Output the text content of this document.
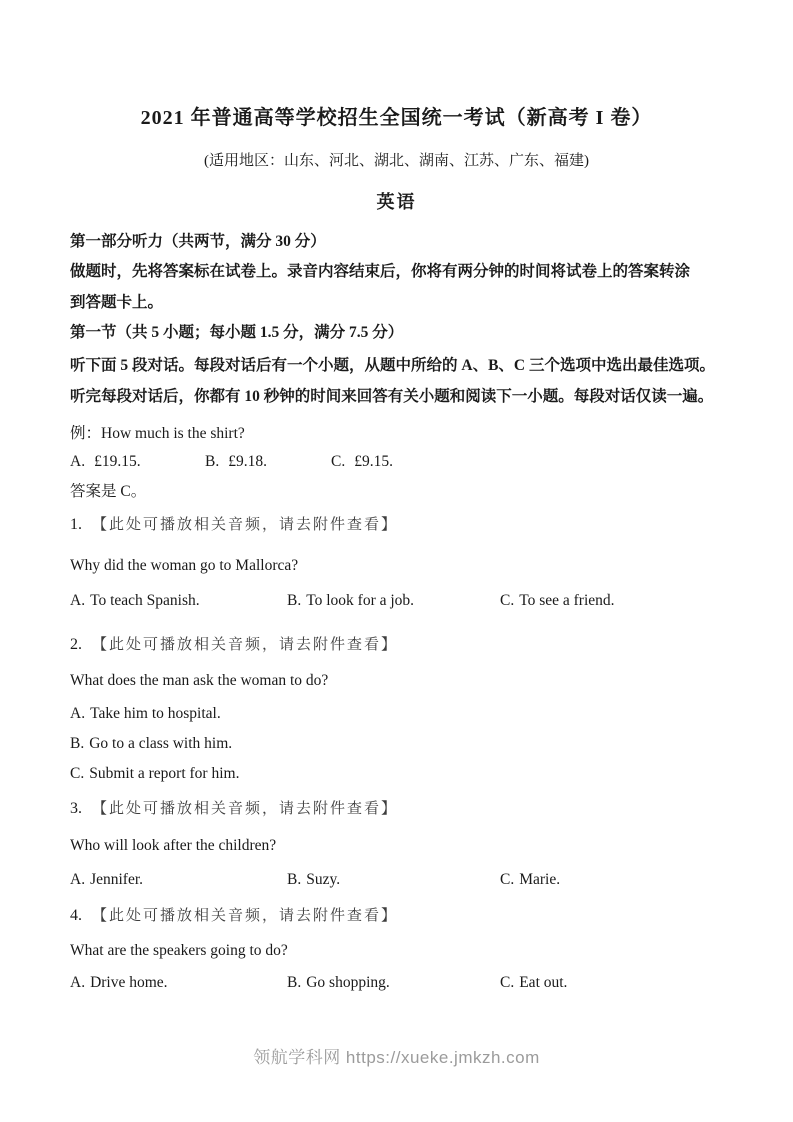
2021 年普通高等学校招生全国统一考试（新高考 I 卷）
(适用地区：山东、河北、湖北、湖南、江苏、广东、福建)
英语
第一部分听力（共两节，满分 30 分）
做题时，先将答案标在试卷上。录音内容结束后，你将有两分钟的时间将试卷上的答案转涂
到答题卡上。
第一节（共 5 小题；每小题 1.5 分，满分 7.5 分）
听下面 5 段对话。每段对话后有一个小题，从题中所给的 A、B、C 三个选项中选出最佳选项。
听完每段对话后，你都有 10 秒钟的时间来回答有关小题和阅读下一小题。每段对话仅读一遍。
例：How much is the shirt?
A. £19.15.	B. £9.18.	C. £9.15.
答案是 C。
1. 【此处可播放相关音频，请去附件查看】
Why did the woman go to Mallorca?
A. To teach Spanish.	B. To look for a job.	C. To see a friend.
2. 【此处可播放相关音频，请去附件查看】
What does the man ask the woman to do?
A. Take him to hospital.
B. Go to a class with him.
C. Submit a report for him.
3. 【此处可播放相关音频，请去附件查看】
Who will look after the children?
A. Jennifer.	B. Suzy.	C. Marie.
4. 【此处可播放相关音频，请去附件查看】
What are the speakers going to do?
A. Drive home.	B. Go shopping.	C. Eat out.
领航学科网 https://xueke.jmkzh.com
